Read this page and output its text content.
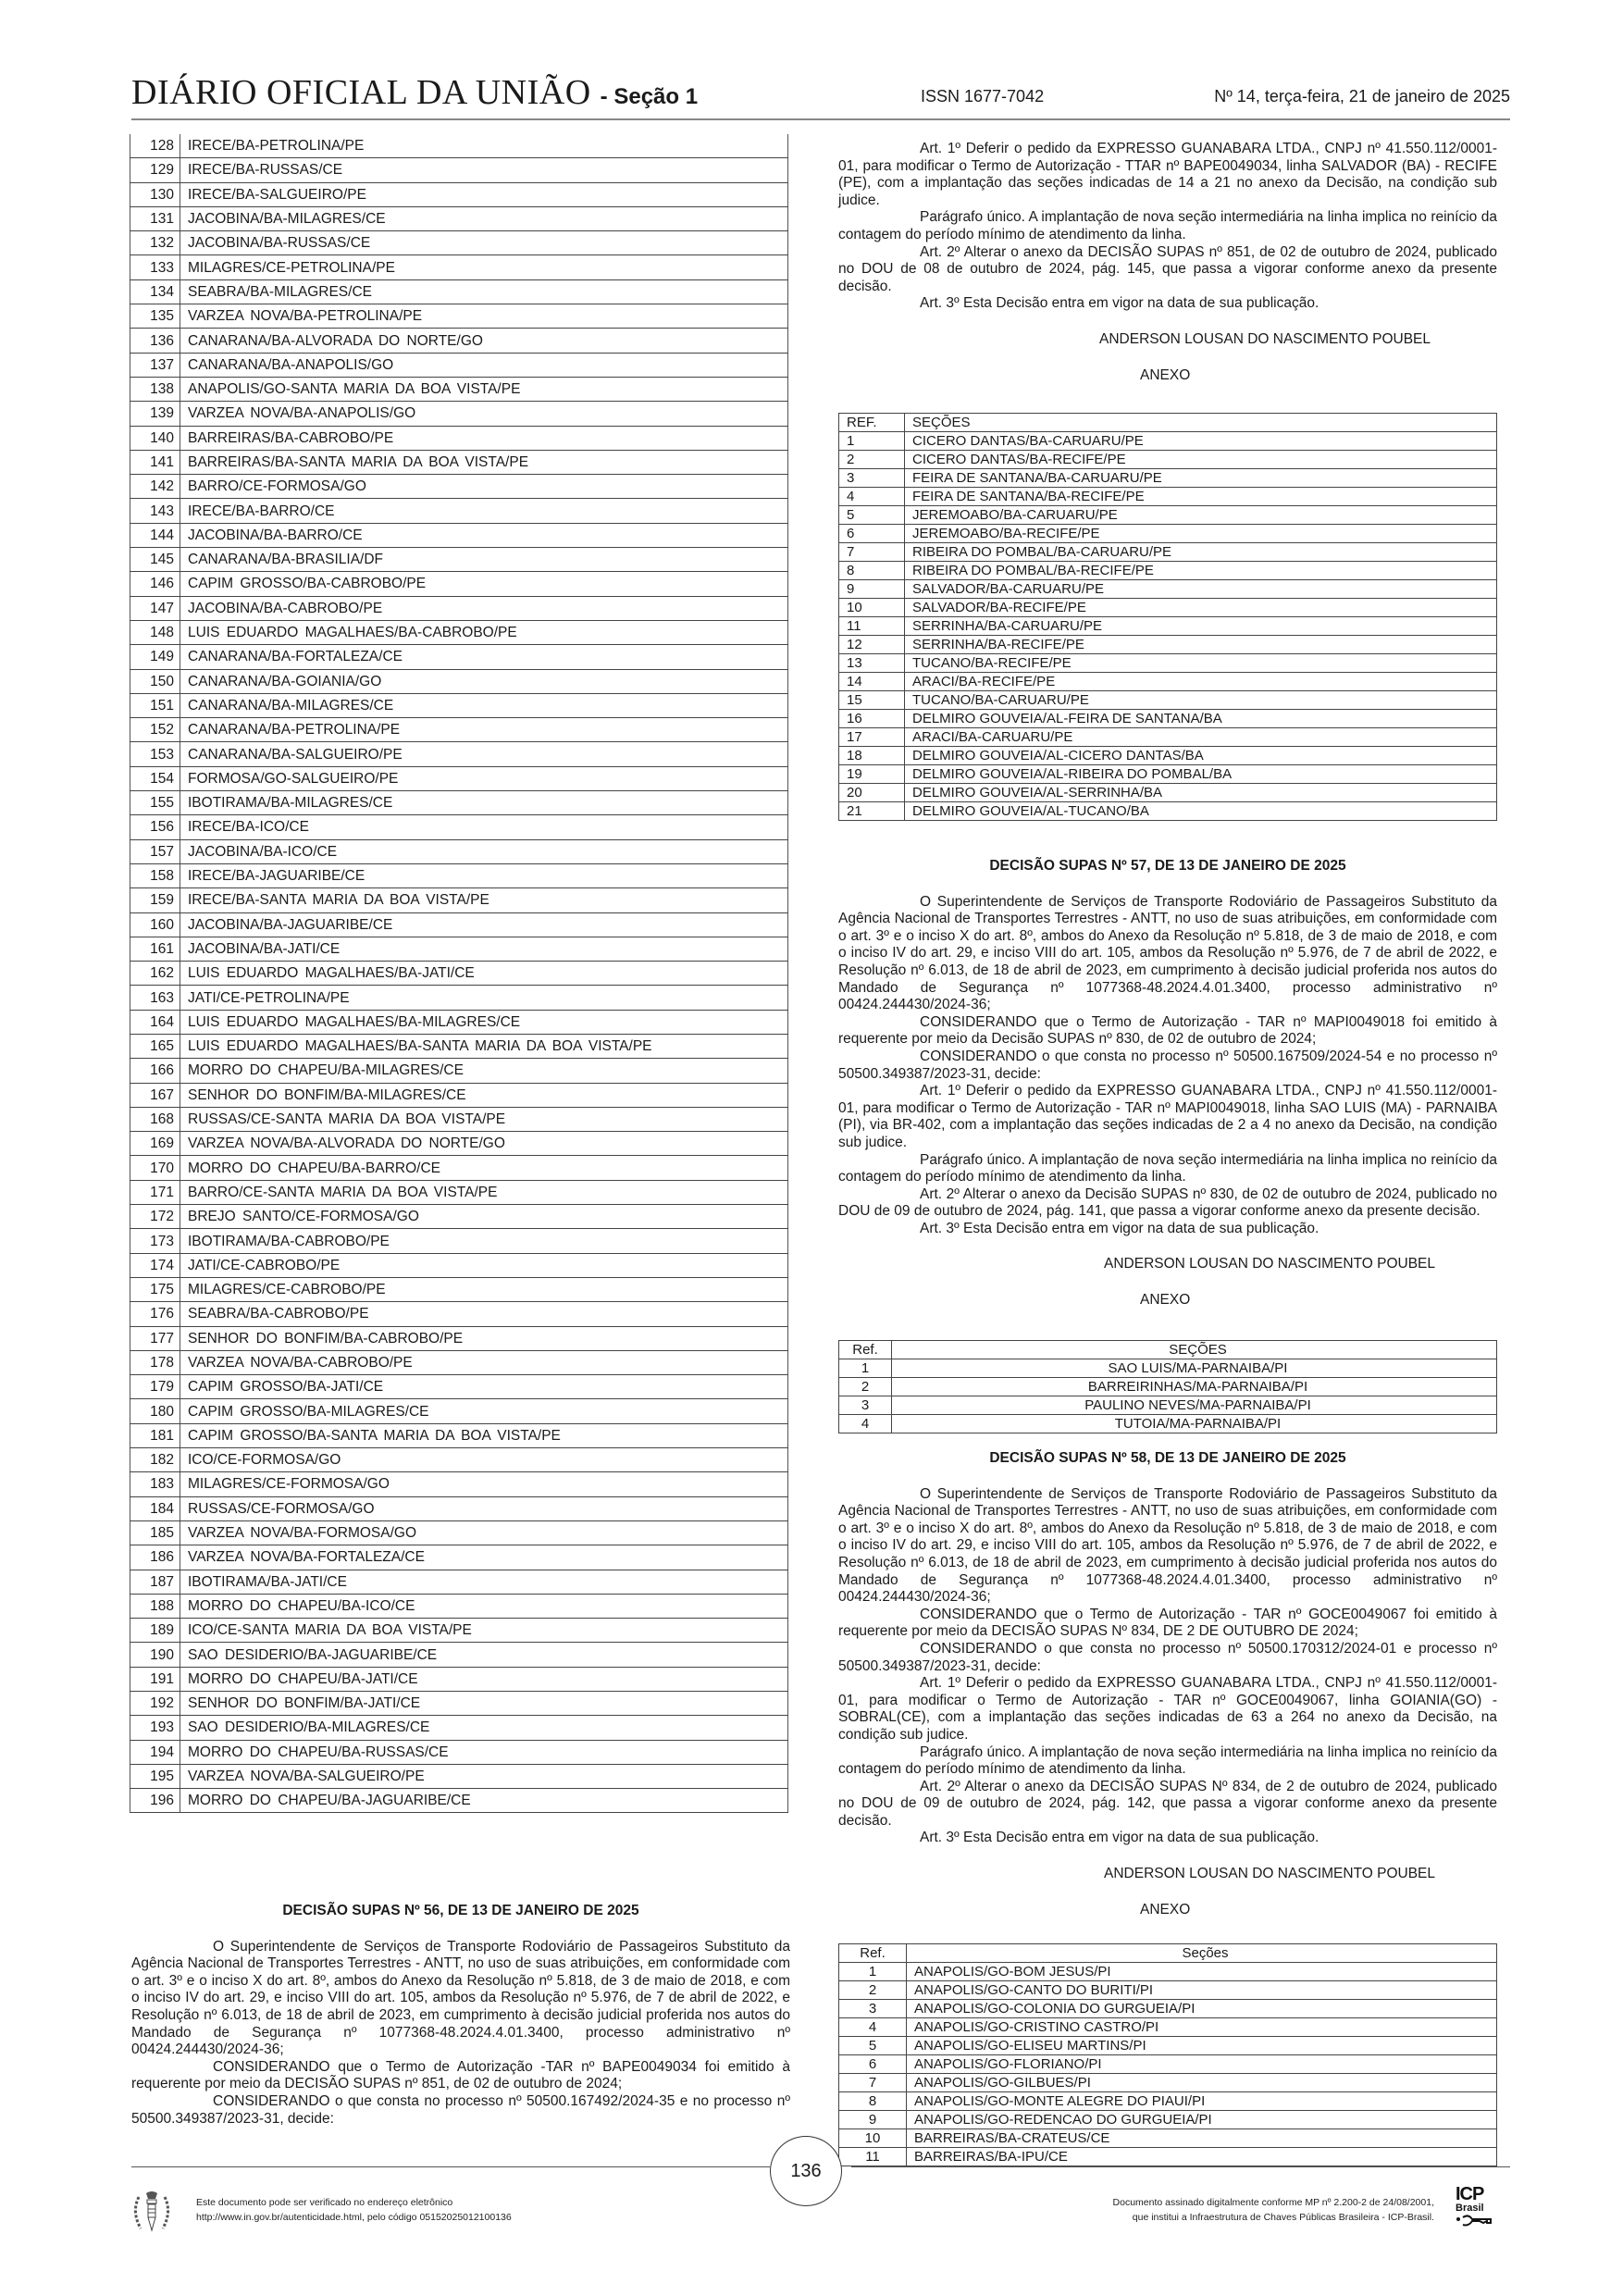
DIÁRIO OFICIAL DA UNIÃO - Seção 1	ISSN 1677-7042	Nº 14, terça-feira, 21 de janeiro de 2025
128	IRECE/BA-PETROLINA/PE
129	IRECE/BA-RUSSAS/CE
130	IRECE/BA-SALGUEIRO/PE
131	JACOBINA/BA-MILAGRES/CE
132	JACOBINA/BA-RUSSAS/CE
133	MILAGRES/CE-PETROLINA/PE
134	SEABRA/BA-MILAGRES/CE
135	VARZEA NOVA/BA-PETROLINA/PE
136	CANARANA/BA-ALVORADA DO NORTE/GO
137	CANARANA/BA-ANAPOLIS/GO
138	ANAPOLIS/GO-SANTA MARIA DA BOA VISTA/PE
139	VARZEA NOVA/BA-ANAPOLIS/GO
140	BARREIRAS/BA-CABROBO/PE
141	BARREIRAS/BA-SANTA MARIA DA BOA VISTA/PE
142	BARRO/CE-FORMOSA/GO
143	IRECE/BA-BARRO/CE
144	JACOBINA/BA-BARRO/CE
145	CANARANA/BA-BRASILIA/DF
146	CAPIM GROSSO/BA-CABROBO/PE
147	JACOBINA/BA-CABROBO/PE
148	LUIS EDUARDO MAGALHAES/BA-CABROBO/PE
149	CANARANA/BA-FORTALEZA/CE
150	CANARANA/BA-GOIANIA/GO
151	CANARANA/BA-MILAGRES/CE
152	CANARANA/BA-PETROLINA/PE
153	CANARANA/BA-SALGUEIRO/PE
154	FORMOSA/GO-SALGUEIRO/PE
155	IBOTIRAMA/BA-MILAGRES/CE
156	IRECE/BA-ICO/CE
157	JACOBINA/BA-ICO/CE
158	IRECE/BA-JAGUARIBE/CE
159	IRECE/BA-SANTA MARIA DA BOA VISTA/PE
160	JACOBINA/BA-JAGUARIBE/CE
161	JACOBINA/BA-JATI/CE
162	LUIS EDUARDO MAGALHAES/BA-JATI/CE
163	JATI/CE-PETROLINA/PE
164	LUIS EDUARDO MAGALHAES/BA-MILAGRES/CE
165	LUIS EDUARDO MAGALHAES/BA-SANTA MARIA DA BOA VISTA/PE
166	MORRO DO CHAPEU/BA-MILAGRES/CE
167	SENHOR DO BONFIM/BA-MILAGRES/CE
168	RUSSAS/CE-SANTA MARIA DA BOA VISTA/PE
169	VARZEA NOVA/BA-ALVORADA DO NORTE/GO
170	MORRO DO CHAPEU/BA-BARRO/CE
171	BARRO/CE-SANTA MARIA DA BOA VISTA/PE
172	BREJO SANTO/CE-FORMOSA/GO
173	IBOTIRAMA/BA-CABROBO/PE
174	JATI/CE-CABROBO/PE
175	MILAGRES/CE-CABROBO/PE
176	SEABRA/BA-CABROBO/PE
177	SENHOR DO BONFIM/BA-CABROBO/PE
178	VARZEA NOVA/BA-CABROBO/PE
179	CAPIM GROSSO/BA-JATI/CE
180	CAPIM GROSSO/BA-MILAGRES/CE
181	CAPIM GROSSO/BA-SANTA MARIA DA BOA VISTA/PE
182	ICO/CE-FORMOSA/GO
183	MILAGRES/CE-FORMOSA/GO
184	RUSSAS/CE-FORMOSA/GO
185	VARZEA NOVA/BA-FORMOSA/GO
186	VARZEA NOVA/BA-FORTALEZA/CE
187	IBOTIRAMA/BA-JATI/CE
188	MORRO DO CHAPEU/BA-ICO/CE
189	ICO/CE-SANTA MARIA DA BOA VISTA/PE
190	SAO DESIDERIO/BA-JAGUARIBE/CE
191	MORRO DO CHAPEU/BA-JATI/CE
192	SENHOR DO BONFIM/BA-JATI/CE
193	SAO DESIDERIO/BA-MILAGRES/CE
194	MORRO DO CHAPEU/BA-RUSSAS/CE
195	VARZEA NOVA/BA-SALGUEIRO/PE
196	MORRO DO CHAPEU/BA-JAGUARIBE/CE
DECISÃO SUPAS Nº 56, DE 13 DE JANEIRO DE 2025

O Superintendente de Serviços de Transporte Rodoviário de Passageiros Substituto da Agência Nacional de Transportes Terrestres - ANTT, no uso de suas atribuições, em conformidade com o art. 3º e o inciso X do art. 8º, ambos do Anexo da Resolução nº 5.818, de 3 de maio de 2018, e com o inciso IV do art. 29, e inciso VIII do art. 105, ambos da Resolução nº 5.976, de 7 de abril de 2022, e Resolução nº 6.013, de 18 de abril de 2023, em cumprimento à decisão judicial proferida nos autos do Mandado de Segurança nº 1077368-48.2024.4.01.3400, processo administrativo nº 00424.244430/2024-36;

CONSIDERANDO que o Termo de Autorização -TAR nº BAPE0049034 foi emitido à requerente por meio da DECISÃO SUPAS nº 851, de 02 de outubro de 2024;

CONSIDERANDO o que consta no processo nº 50500.167492/2024-35 e no processo nº 50500.349387/2023-31, decide:

Art. 1º Deferir o pedido da EXPRESSO GUANABARA LTDA., CNPJ nº 41.550.112/0001-01, para modificar o Termo de Autorização - TTAR nº BAPE0049034, linha SALVADOR (BA) - RECIFE (PE), com a implantação das seções indicadas de 14 a 21 no anexo da Decisão, na condição sub judice.

Parágrafo único. A implantação de nova seção intermediária na linha implica no reinício da contagem do período mínimo de atendimento da linha.

Art. 2º Alterar o anexo da DECISÃO SUPAS nº 851, de 02 de outubro de 2024, publicado no DOU de 08 de outubro de 2024, pág. 145, que passa a vigorar conforme anexo da presente decisão.

Art. 3º Esta Decisão entra em vigor na data de sua publicação.

ANDERSON LOUSAN DO NASCIMENTO POUBEL
ANEXO
REF.	SEÇÕES
1	CICERO DANTAS/BA-CARUARU/PE
2	CICERO DANTAS/BA-RECIFE/PE
3	FEIRA DE SANTANA/BA-CARUARU/PE
4	FEIRA DE SANTANA/BA-RECIFE/PE
5	JEREMOABO/BA-CARUARU/PE
6	JEREMOABO/BA-RECIFE/PE
7	RIBEIRA DO POMBAL/BA-CARUARU/PE
8	RIBEIRA DO POMBAL/BA-RECIFE/PE
9	SALVADOR/BA-CARUARU/PE
10	SALVADOR/BA-RECIFE/PE
11	SERRINHA/BA-CARUARU/PE
12	SERRINHA/BA-RECIFE/PE
13	TUCANO/BA-RECIFE/PE
14	ARACI/BA-RECIFE/PE
15	TUCANO/BA-CARUARU/PE
16	DELMIRO GOUVEIA/AL-FEIRA DE SANTANA/BA
17	ARACI/BA-CARUARU/PE
18	DELMIRO GOUVEIA/AL-CICERO DANTAS/BA
19	DELMIRO GOUVEIA/AL-RIBEIRA DO POMBAL/BA
20	DELMIRO GOUVEIA/AL-SERRINHA/BA
21	DELMIRO GOUVEIA/AL-TUCANO/BA
DECISÃO SUPAS Nº 57, DE 13 DE JANEIRO DE 2025

O Superintendente de Serviços de Transporte Rodoviário de Passageiros Substituto da Agência Nacional de Transportes Terrestres - ANTT, no uso de suas atribuições, em conformidade com o art. 3º e o inciso X do art. 8º, ambos do Anexo da Resolução nº 5.818, de 3 de maio de 2018, e com o inciso IV do art. 29, e inciso VIII do art. 105, ambos da Resolução nº 5.976, de 7 de abril de 2022, e Resolução nº 6.013, de 18 de abril de 2023, em cumprimento à decisão judicial proferida nos autos do Mandado de Segurança nº 1077368-48.2024.4.01.3400, processo administrativo nº 00424.244430/2024-36;

CONSIDERANDO que o Termo de Autorização - TAR nº MAPI0049018 foi emitido à requerente por meio da Decisão SUPAS nº 830, de 02 de outubro de 2024;

CONSIDERANDO o que consta no processo nº 50500.167509/2024-54 e no processo nº 50500.349387/2023-31, decide:

Art. 1º Deferir o pedido da EXPRESSO GUANABARA LTDA., CNPJ nº 41.550.112/0001-01, para modificar o Termo de Autorização - TAR nº MAPI0049018, linha SAO LUIS (MA) - PARNAIBA (PI), via BR-402, com a implantação das seções indicadas de 2 a 4 no anexo da Decisão, na condição sub judice.

Parágrafo único. A implantação de nova seção intermediária na linha implica no reinício da contagem do período mínimo de atendimento da linha.

Art. 2º Alterar o anexo da Decisão SUPAS nº 830, de 02 de outubro de 2024, publicado no DOU de 09 de outubro de 2024, pág. 141, que passa a vigorar conforme anexo da presente decisão.

Art. 3º Esta Decisão entra em vigor na data de sua publicação.

ANDERSON LOUSAN DO NASCIMENTO POUBEL
ANEXO
Ref.	SEÇÕES
1	SAO LUIS/MA-PARNAIBA/PI
2	BARREIRINHAS/MA-PARNAIBA/PI
3	PAULINO NEVES/MA-PARNAIBA/PI
4	TUTOIA/MA-PARNAIBA/PI
DECISÃO SUPAS Nº 58, DE 13 DE JANEIRO DE 2025

O Superintendente de Serviços de Transporte Rodoviário de Passageiros Substituto da Agência Nacional de Transportes Terrestres - ANTT, no uso de suas atribuições, em conformidade com o art. 3º e o inciso X do art. 8º, ambos do Anexo da Resolução nº 5.818, de 3 de maio de 2018, e com o inciso IV do art. 29, e inciso VIII do art. 105, ambos da Resolução nº 5.976, de 7 de abril de 2022, e Resolução nº 6.013, de 18 de abril de 2023, em cumprimento à decisão judicial proferida nos autos do Mandado de Segurança nº 1077368-48.2024.4.01.3400, processo administrativo nº 00424.244430/2024-36;

CONSIDERANDO que o Termo de Autorização - TAR nº GOCE0049067 foi emitido à requerente por meio da DECISÃO SUPAS Nº 834, DE 2 DE OUTUBRO DE 2024;

CONSIDERANDO o que consta no processo nº 50500.170312/2024-01 e processo nº 50500.349387/2023-31, decide:

Art. 1º Deferir o pedido da EXPRESSO GUANABARA LTDA., CNPJ nº 41.550.112/0001-01, para modificar o Termo de Autorização - TAR nº GOCE0049067, linha GOIANIA(GO) - SOBRAL(CE), com a implantação das seções indicadas de 63 a 264 no anexo da Decisão, na condição sub judice.

Parágrafo único. A implantação de nova seção intermediária na linha implica no reinício da contagem do período mínimo de atendimento da linha.

Art. 2º Alterar o anexo da DECISÃO SUPAS Nº 834, de 2 de outubro de 2024, publicado no DOU de 09 de outubro de 2024, pág. 142, que passa a vigorar conforme anexo da presente decisão.

Art. 3º Esta Decisão entra em vigor na data de sua publicação.

ANDERSON LOUSAN DO NASCIMENTO POUBEL
ANEXO
Ref.	Seções
1	ANAPOLIS/GO-BOM JESUS/PI
2	ANAPOLIS/GO-CANTO DO BURITI/PI
3	ANAPOLIS/GO-COLONIA DO GURGUEIA/PI
4	ANAPOLIS/GO-CRISTINO CASTRO/PI
5	ANAPOLIS/GO-ELISEU MARTINS/PI
6	ANAPOLIS/GO-FLORIANO/PI
7	ANAPOLIS/GO-GILBUES/PI
8	ANAPOLIS/GO-MONTE ALEGRE DO PIAUI/PI
9	ANAPOLIS/GO-REDENCAO DO GURGUEIA/PI
10	BARREIRAS/BA-CRATEUS/CE
11	BARREIRAS/BA-IPU/CE
136
Este documento pode ser verificado no endereço eletrônico
http://www.in.gov.br/autenticidade.html, pelo código 05152025012100136
Documento assinado digitalmente conforme MP nº 2.200-2 de 24/08/2001,
que institui a Infraestrutura de Chaves Públicas Brasileira - ICP-Brasil.
ICP
Brasil
